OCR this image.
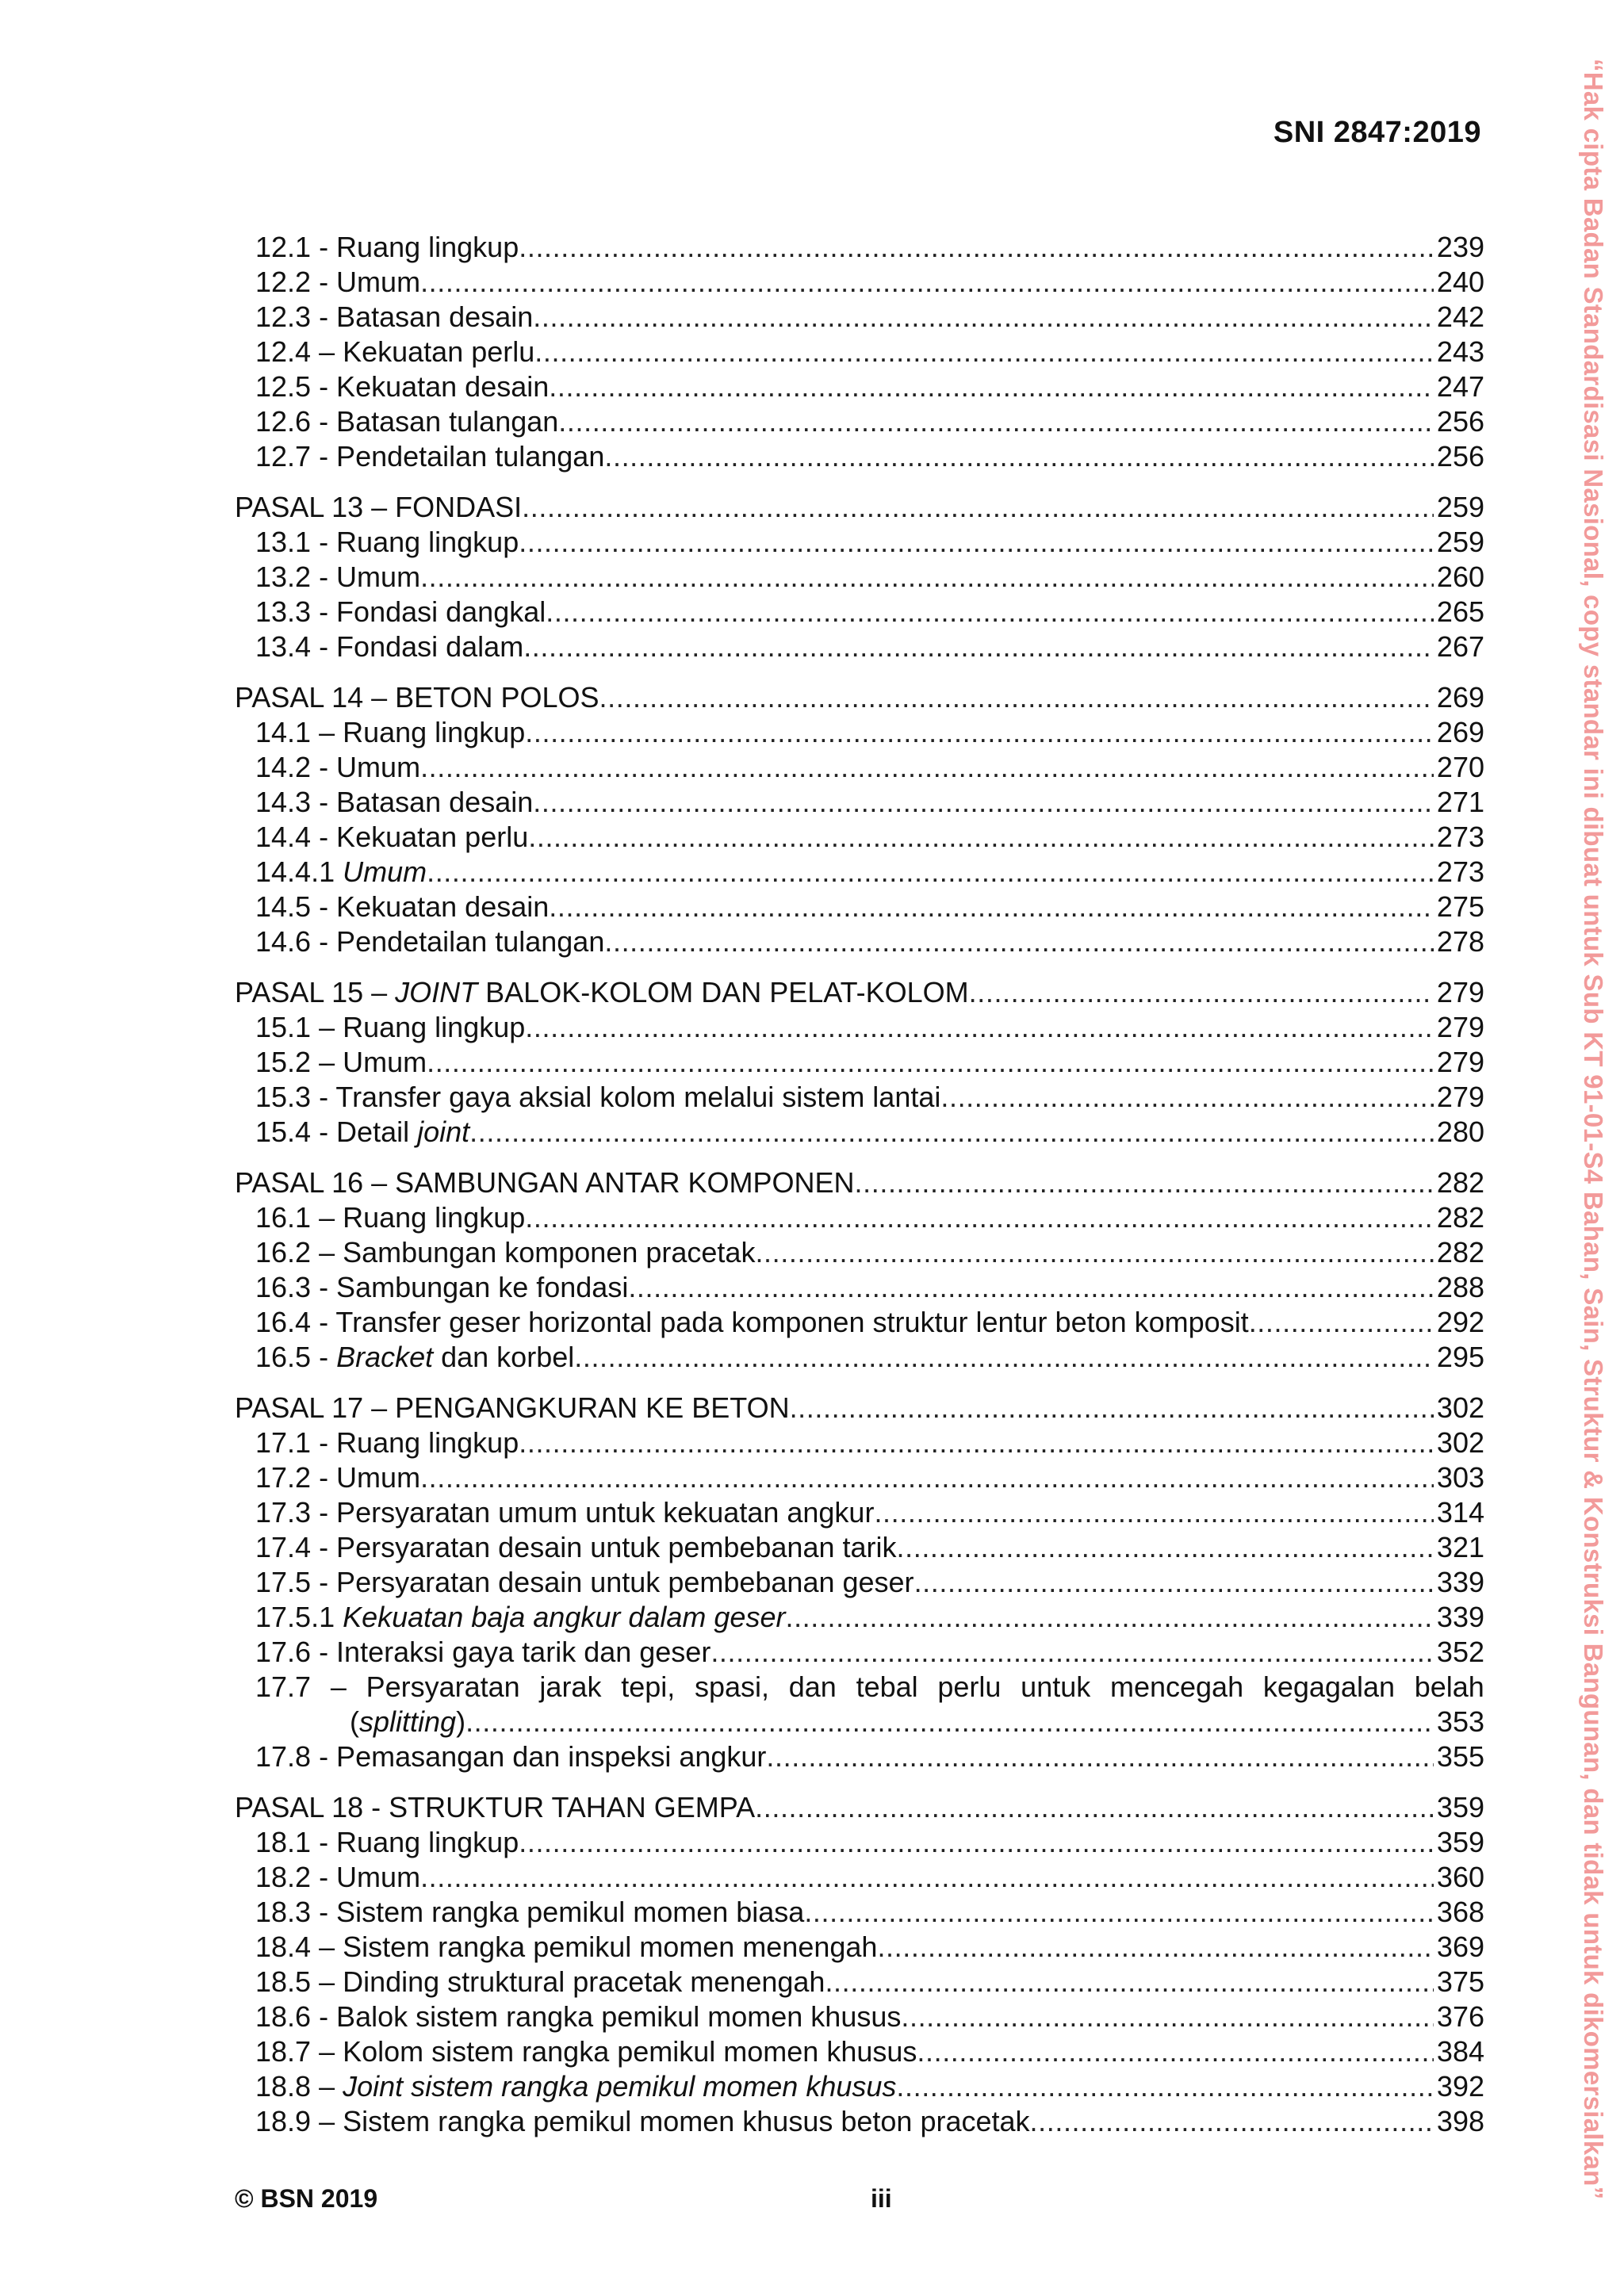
SNI 2847:2019
12.1 - Ruang lingkup .....	239
12.2 - Umum .....	240
12.3 - Batasan desain .....	242
12.4 – Kekuatan perlu .....	243
12.5 - Kekuatan desain .....	247
12.6 - Batasan tulangan .....	256
12.7 - Pendetailan tulangan .....	256
PASAL 13 – FONDASI .....	259
13.1 - Ruang lingkup .....	259
13.2 - Umum .....	260
13.3 - Fondasi dangkal .....	265
13.4 - Fondasi dalam .....	267
PASAL 14 – BETON POLOS .....	269
14.1 – Ruang lingkup .....	269
14.2 - Umum .....	270
14.3 - Batasan desain .....	271
14.4 - Kekuatan perlu .....	273
14.4.1 Umum .....	273
14.5 - Kekuatan desain .....	275
14.6 - Pendetailan tulangan .....	278
PASAL 15 – JOINT BALOK-KOLOM DAN PELAT-KOLOM .....	279
15.1 – Ruang lingkup .....	279
15.2 – Umum .....	279
15.3 - Transfer gaya aksial kolom melalui sistem lantai .....	279
15.4 - Detail joint .....	280
PASAL 16 – SAMBUNGAN ANTAR KOMPONEN .....	282
16.1 – Ruang lingkup .....	282
16.2 – Sambungan komponen pracetak .....	282
16.3 - Sambungan ke fondasi .....	288
16.4 - Transfer geser horizontal pada komponen struktur lentur beton komposit .....	292
16.5 - Bracket dan korbel .....	295
PASAL 17 – PENGANGKURAN KE BETON .....	302
17.1 - Ruang lingkup .....	302
17.2 - Umum .....	303
17.3 - Persyaratan umum untuk kekuatan angkur .....	314
17.4 - Persyaratan desain untuk pembebanan tarik .....	321
17.5 - Persyaratan desain untuk pembebanan geser .....	339
17.5.1 Kekuatan baja angkur dalam geser .....	339
17.6 - Interaksi gaya tarik dan geser .....	352
17.7 – Persyaratan jarak tepi, spasi, dan tebal perlu untuk mencegah kegagalan belah
(splitting) .....	353
17.8 - Pemasangan dan inspeksi angkur .....	355
PASAL 18 - STRUKTUR TAHAN GEMPA .....	359
18.1 - Ruang lingkup .....	359
18.2 - Umum .....	360
18.3 - Sistem rangka pemikul momen biasa .....	368
18.4 – Sistem rangka pemikul momen menengah .....	369
18.5 – Dinding struktural pracetak menengah .....	375
18.6 - Balok sistem rangka pemikul momen khusus .....	376
18.7 – Kolom sistem rangka pemikul momen khusus .....	384
18.8 – Joint sistem rangka pemikul momen khusus .....	392
18.9 – Sistem rangka pemikul momen khusus beton pracetak .....	398
© BSN 2019	iii	“Hak cipta Badan Standardisasi Nasional, copy standar ini dibuat untuk Sub KT 91-01-S4 Bahan, Sain, Struktur & Konstruksi Bangunan, dan tidak untuk dikomersialkan”
